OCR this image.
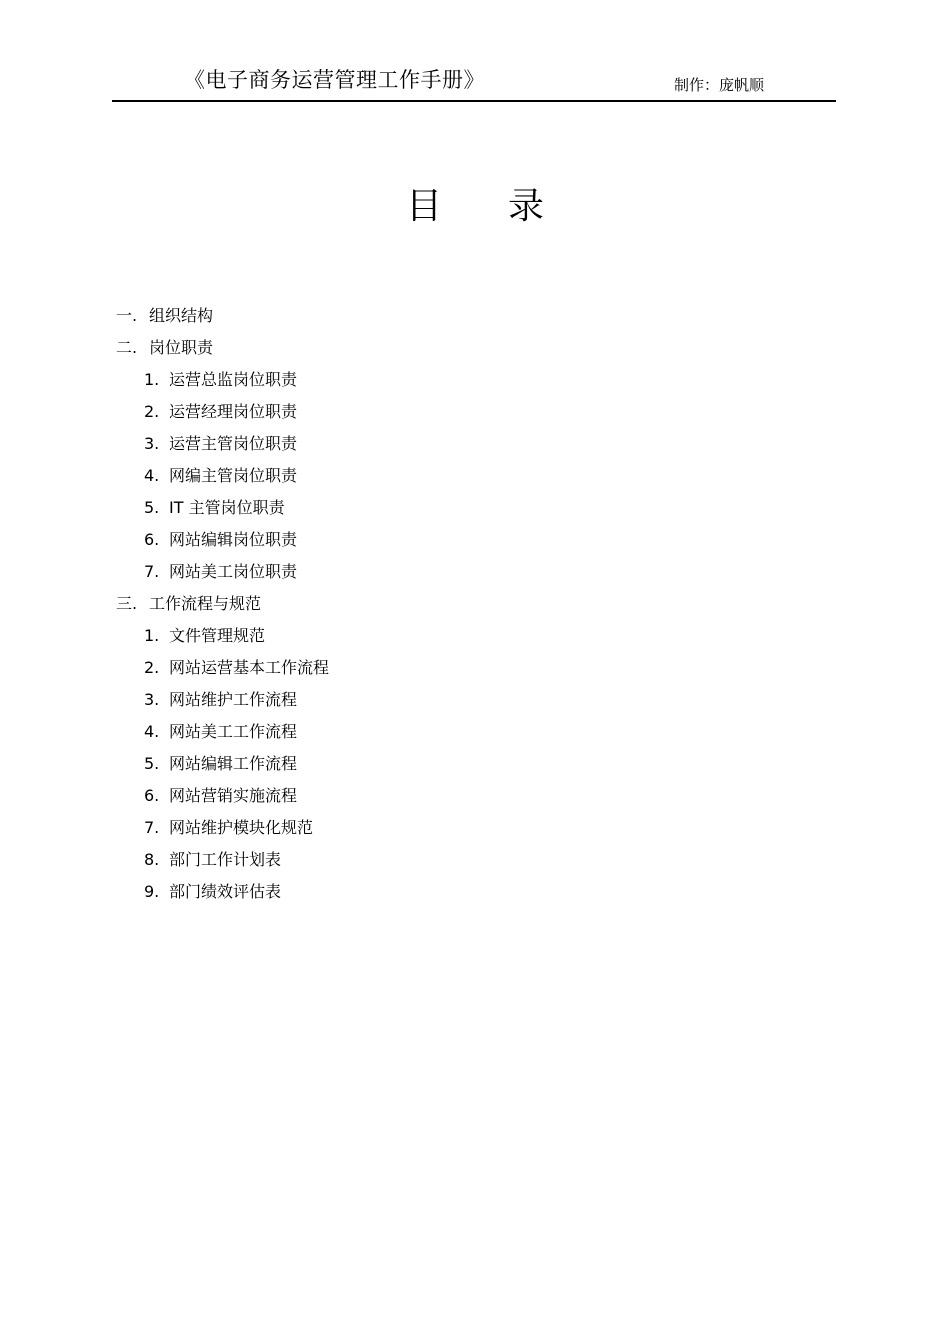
《电子商务运营管理工作手册》	制作：庞帆顺
目录
一. 组织结构
二. 岗位职责
1. 运营总监岗位职责
2. 运营经理岗位职责
3. 运营主管岗位职责
4. 网编主管岗位职责
5. IT 主管岗位职责
6. 网站编辑岗位职责
7. 网站美工岗位职责
三. 工作流程与规范
1. 文件管理规范
2. 网站运营基本工作流程
3. 网站维护工作流程
4. 网站美工工作流程
5. 网站编辑工作流程
6. 网站营销实施流程
7. 网站维护模块化规范
8. 部门工作计划表
9. 部门绩效评估表
